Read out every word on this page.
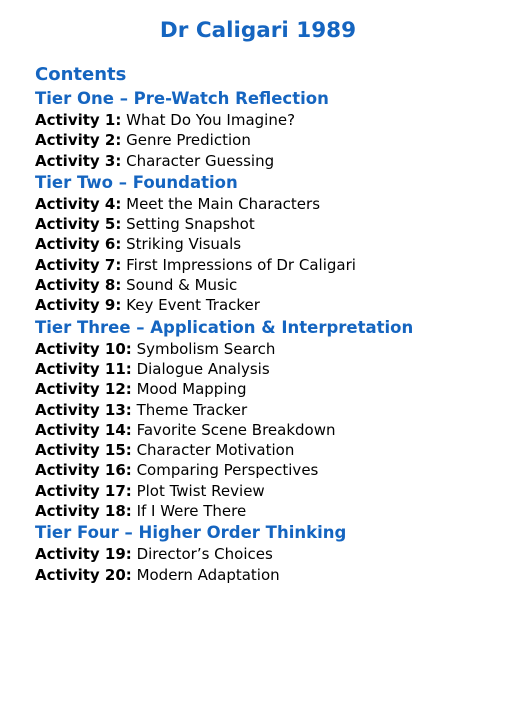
Dr Caligari 1989
Contents
Tier One – Pre-Watch Reflection
Activity 1: What Do You Imagine?
Activity 2: Genre Prediction
Activity 3: Character Guessing
Tier Two – Foundation
Activity 4: Meet the Main Characters
Activity 5: Setting Snapshot
Activity 6: Striking Visuals
Activity 7: First Impressions of Dr Caligari
Activity 8: Sound & Music
Activity 9: Key Event Tracker
Tier Three – Application & Interpretation
Activity 10: Symbolism Search
Activity 11: Dialogue Analysis
Activity 12: Mood Mapping
Activity 13: Theme Tracker
Activity 14: Favorite Scene Breakdown
Activity 15: Character Motivation
Activity 16: Comparing Perspectives
Activity 17: Plot Twist Review
Activity 18: If I Were There
Tier Four – Higher Order Thinking
Activity 19: Director’s Choices
Activity 20: Modern Adaptation
